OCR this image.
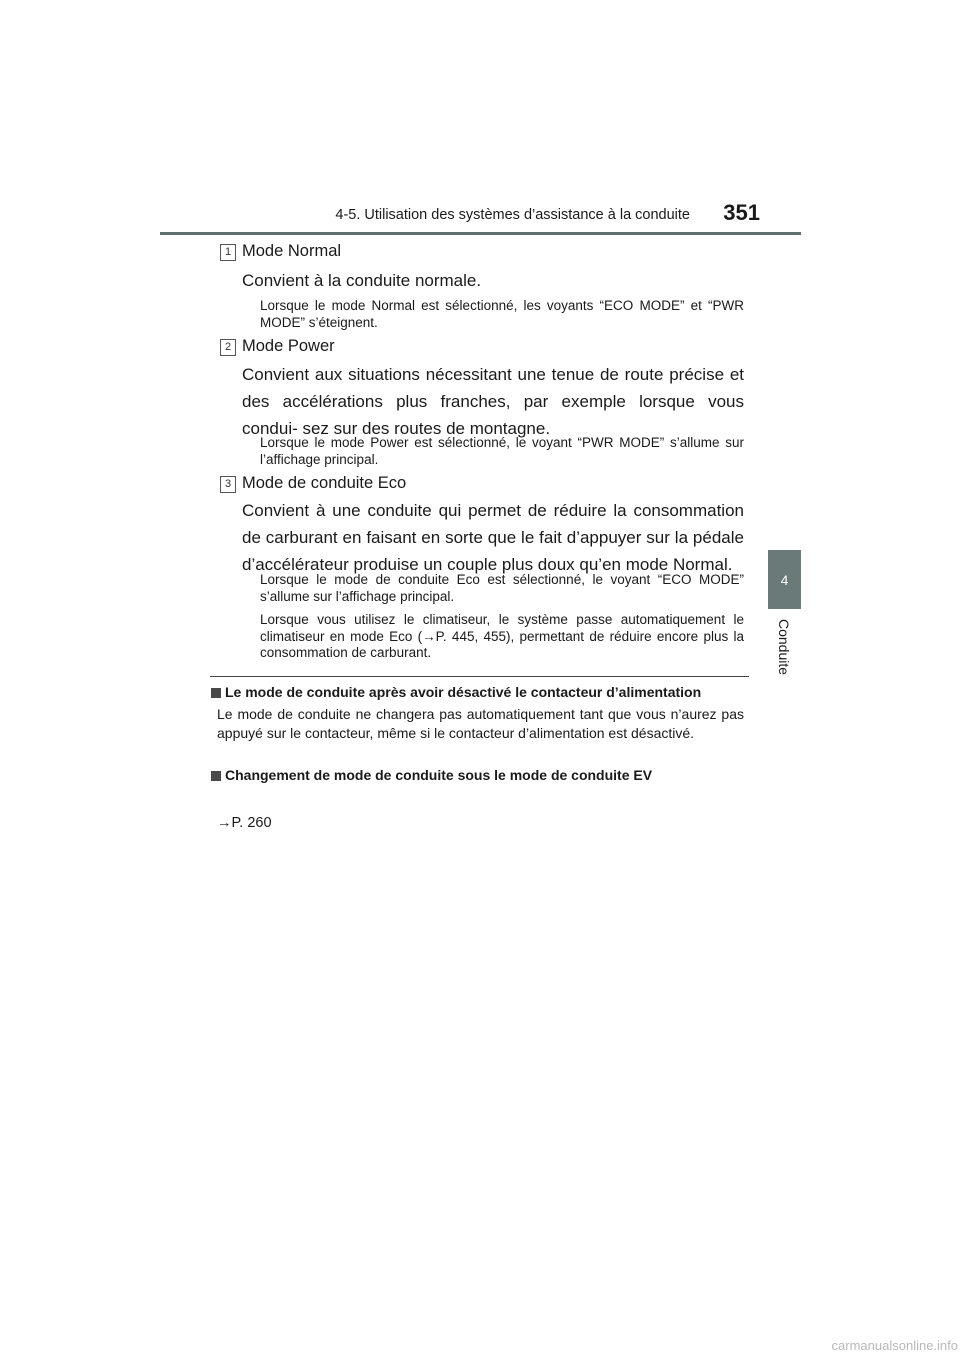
4-5. Utilisation des systèmes d’assistance à la conduite	351
4
Conduite
1 Mode Normal
Convient à la conduite normale.
Lorsque le mode Normal est sélectionné, les voyants “ECO MODE” et “PWR MODE” s’éteignent.
2 Mode Power
Convient aux situations nécessitant une tenue de route précise et des accélérations plus franches, par exemple lorsque vous condui- sez sur des routes de montagne.
Lorsque le mode Power est sélectionné, le voyant “PWR MODE” s’allume sur l’affichage principal.
3 Mode de conduite Eco
Convient à une conduite qui permet de réduire la consommation de carburant en faisant en sorte que le fait d’appuyer sur la pédale d’accélérateur produise un couple plus doux qu’en mode Normal.
Lorsque le mode de conduite Eco est sélectionné, le voyant “ECO MODE” s’allume sur l’affichage principal.
Lorsque vous utilisez le climatiseur, le système passe automatiquement le climatiseur en mode Eco (→P. 445, 455), permettant de réduire encore plus la consommation de carburant.
Le mode de conduite après avoir désactivé le contacteur d’alimentation
Le mode de conduite ne changera pas automatiquement tant que vous n’aurez pas appuyé sur le contacteur, même si le contacteur d’alimentation est désactivé.
Changement de mode de conduite sous le mode de conduite EV
→P. 260
carmanualsonline.info
